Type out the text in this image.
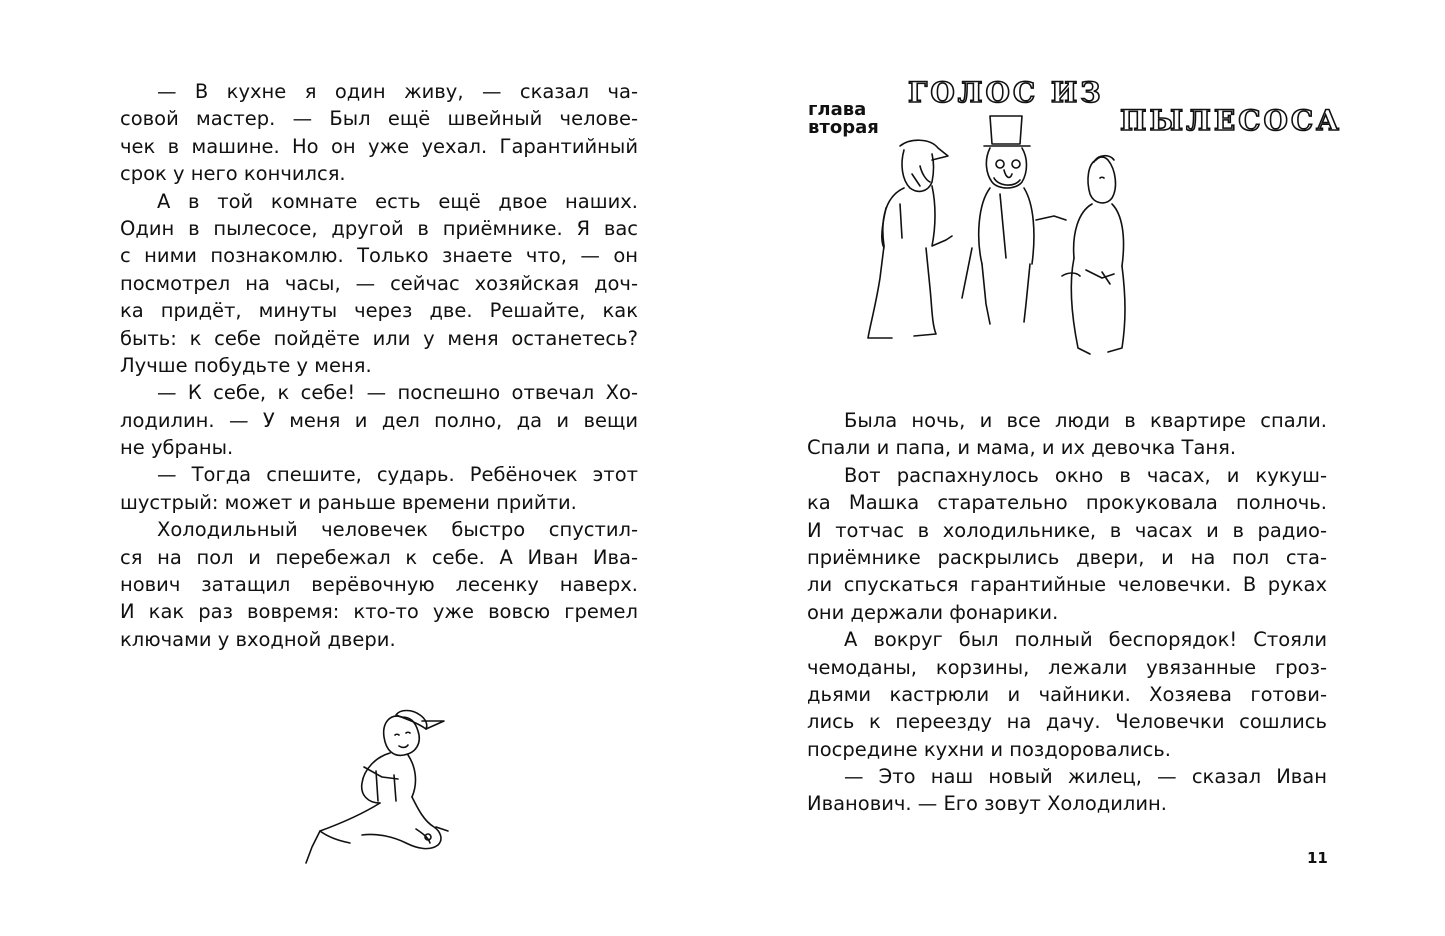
— В кухне я один живу, — сказал ча-
совой мастер. — Был ещё швейный челове-
чек в машине. Но он уже уехал. Гарантийный
срок у него кончился.
А в той комнате есть ещё двое наших.
Один в пылесосе, другой в приёмнике. Я вас
с ними познакомлю. Только знаете что, — он
посмотрел на часы, — сейчас хозяйская доч-
ка придёт, минуты через две. Решайте, как
быть: к себе пойдёте или у меня останетесь?
Лучше побудьте у меня.
— К себе, к себе! — поспешно отвечал Хо-
лодилин. — У меня и дел полно, да и вещи
не убраны.
— Тогда спешите, сударь. Ребёночек этот
шустрый: может и раньше времени прийти.
Холодильный человечек быстро спустил-
ся на пол и перебежал к себе. А Иван Ива-
нович затащил верёвочную лесенку наверх.
И как раз вовремя: кто-то уже вовсю гремел
ключами у входной двери.
глава
вторая
ГОЛОС ИЗ
ПЫЛЕСОСА
Была ночь, и все люди в квартире спали.
Спали и папа, и мама, и их девочка Таня.
Вот распахнулось окно в часах, и кукуш-
ка Машка старательно прокуковала полночь.
И тотчас в холодильнике, в часах и в радио-
приёмнике раскрылись двери, и на пол ста-
ли спускаться гарантийные человечки. В руках
они держали фонарики.
А вокруг был полный беспорядок! Стояли
чемоданы, корзины, лежали увязанные грoз-
дьями кастрюли и чайники. Хозяева готови-
лись к переезду на дачу. Человечки сошлись
посредине кухни и поздоровались.
— Это наш новый жилец, — сказал Иван
Иванович. — Его зовут Холодилин.
11
